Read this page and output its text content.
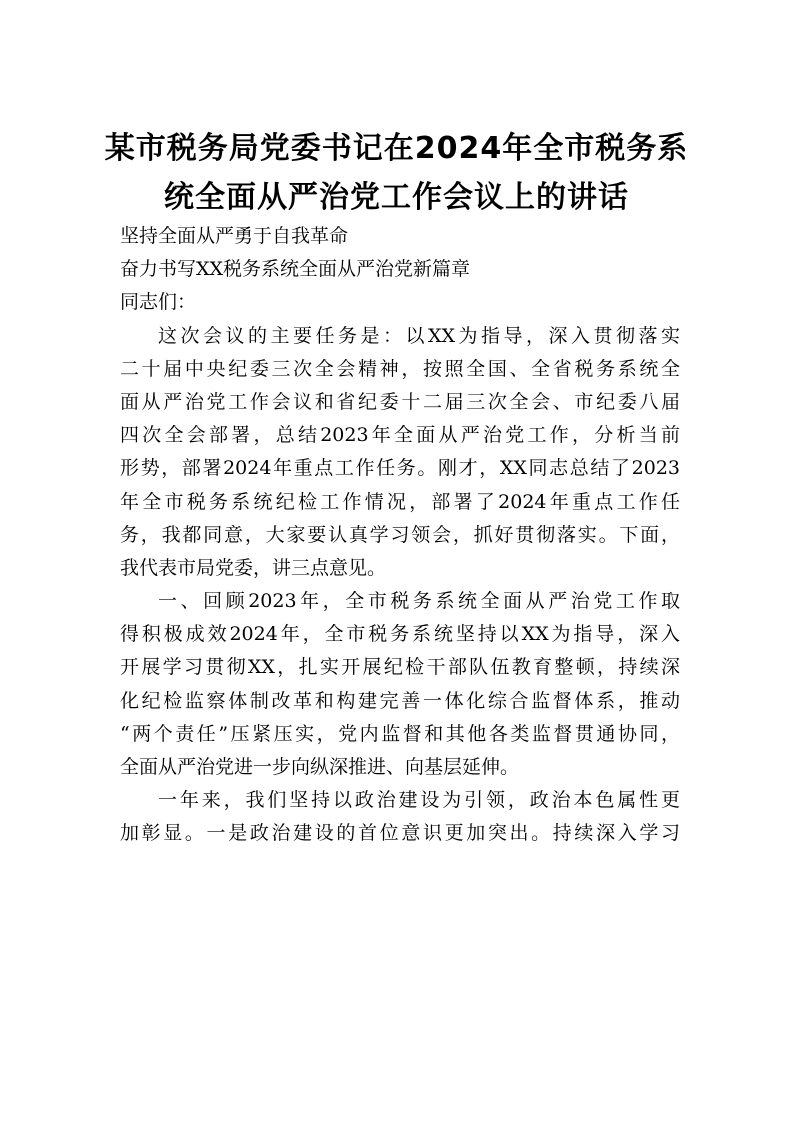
某市税务局党委书记在2024年全市税务系
统全面从严治党工作会议上的讲话
坚持全面从严勇于自我革命
奋力书写XX税务系统全面从严治党新篇章
同志们：
这次会议的主要任务是：以XX为指导，深入贯彻落实
二十届中央纪委三次全会精神，按照全国、全省税务系统全
面从严治党工作会议和省纪委十二届三次全会、市纪委八届
四次全会部署，总结2023年全面从严治党工作，分析当前
形势，部署2024年重点工作任务。刚才，XX同志总结了2023
年全市税务系统纪检工作情况，部署了2024年重点工作任
务，我都同意，大家要认真学习领会，抓好贯彻落实。下面，
我代表市局党委，讲三点意见。
一、回顾2023年，全市税务系统全面从严治党工作取
得积极成效2024年，全市税务系统坚持以XX为指导，深入
开展学习贯彻XX，扎实开展纪检干部队伍教育整顿，持续深
化纪检监察体制改革和构建完善一体化综合监督体系，推动
“两个责任”压紧压实，党内监督和其他各类监督贯通协同，
全面从严治党进一步向纵深推进、向基层延伸。
一年来，我们坚持以政治建设为引领，政治本色属性更
加彰显。一是政治建设的首位意识更加突出。持续深入学习
